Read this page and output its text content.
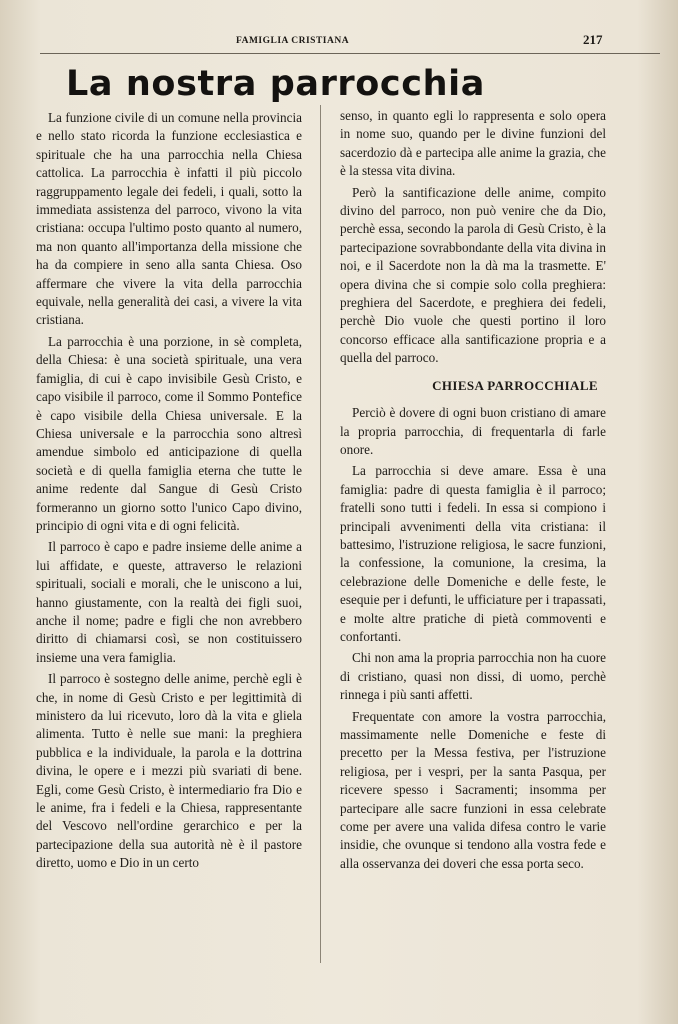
FAMIGLIA CRISTIANA	217
La nostra parrocchia

La funzione civile di un comune nella provincia e nello stato ricorda la funzione ecclesiastica e spirituale che ha una parrocchia nella Chiesa cattolica. La parrocchia è infatti il più piccolo raggruppamento legale dei fedeli, i quali, sotto la immediata assistenza del parroco, vivono la vita cristiana: occupa l'ultimo posto quanto al numero, ma non quanto all'importanza della missione che ha da compiere in seno alla santa Chiesa. Oso affermare che vivere la vita della parrocchia equivale, nella generalità dei casi, a vivere la vita cristiana.

La parrocchia è una porzione, in sè completa, della Chiesa: è una società spirituale, una vera famiglia, di cui è capo invisibile Gesù Cristo, e capo visibile il parroco, come il Sommo Pontefice è capo visibile della Chiesa universale. E la Chiesa universale e la parrocchia sono altresì amendue simbolo ed anticipazione di quella società e di quella famiglia eterna che tutte le anime redente dal Sangue di Gesù Cristo formeranno un giorno sotto l'unico Capo divino, principio di ogni vita e di ogni felicità.

Il parroco è capo e padre insieme delle anime a lui affidate, e queste, attraverso le relazioni spirituali, sociali e morali, che le uniscono a lui, hanno giustamente, con la realtà dei figli suoi, anche il nome; padre e figli che non avrebbero diritto di chiamarsi così, se non costituissero insieme una vera famiglia.

Il parroco è sostegno delle anime, perchè egli è che, in nome di Gesù Cristo e per legittimità di ministero da lui ricevuto, loro dà la vita e gliela alimenta. Tutto è nelle sue mani: la preghiera pubblica e la individuale, la parola e la dottrina divina, le opere e i mezzi più svariati di bene. Egli, come Gesù Cristo, è intermediario fra Dio e le anime, fra i fedeli e la Chiesa, rappresentante del Vescovo nell'ordine gerarchico e per la partecipazione della sua autorità nè è il pastore diretto, uomo e Dio in un certo

senso, in quanto egli lo rappresenta e solo opera in nome suo, quando per le divine funzioni del sacerdozio dà e partecipa alle anime la grazia, che è la stessa vita divina.

Però la santificazione delle anime, compito divino del parroco, non può venire che da Dio, perchè essa, secondo la parola di Gesù Cristo, è la partecipazione sovrabbondante della vita divina in noi, e il Sacerdote non la dà ma la trasmette. E' opera divina che si compie solo colla preghiera: preghiera del Sacerdote, e preghiera dei fedeli, perchè Dio vuole che questi portino il loro concorso efficace alla santificazione propria e a quella del parroco.

CHIESA PARROCCHIALE

Perciò è dovere di ogni buon cristiano di amare la propria parrocchia, di frequentarla di farle onore.

La parrocchia si deve amare. Essa è una famiglia: padre di questa famiglia è il parroco; fratelli sono tutti i fedeli. In essa si compiono i principali avvenimenti della vita cristiana: il battesimo, l'istruzione religiosa, le sacre funzioni, la confessione, la comunione, la cresima, la celebrazione delle Domeniche e delle feste, le esequie per i defunti, le ufficiature per i trapassati, e molte altre pratiche di pietà commoventi e confortanti.

Chi non ama la propria parrocchia non ha cuore di cristiano, quasi non dissi, di uomo, perchè rinnega i più santi affetti.

Frequentate con amore la vostra parrocchia, massimamente nelle Domeniche e feste di precetto per la Messa festiva, per l'istruzione religiosa, per i vespri, per la santa Pasqua, per ricevere spesso i Sacramenti; insomma per partecipare alle sacre funzioni in essa celebrate come per avere una valida difesa contro le varie insidie, che ovunque si tendono alla vostra fede e alla osservanza dei doveri che essa porta seco.
